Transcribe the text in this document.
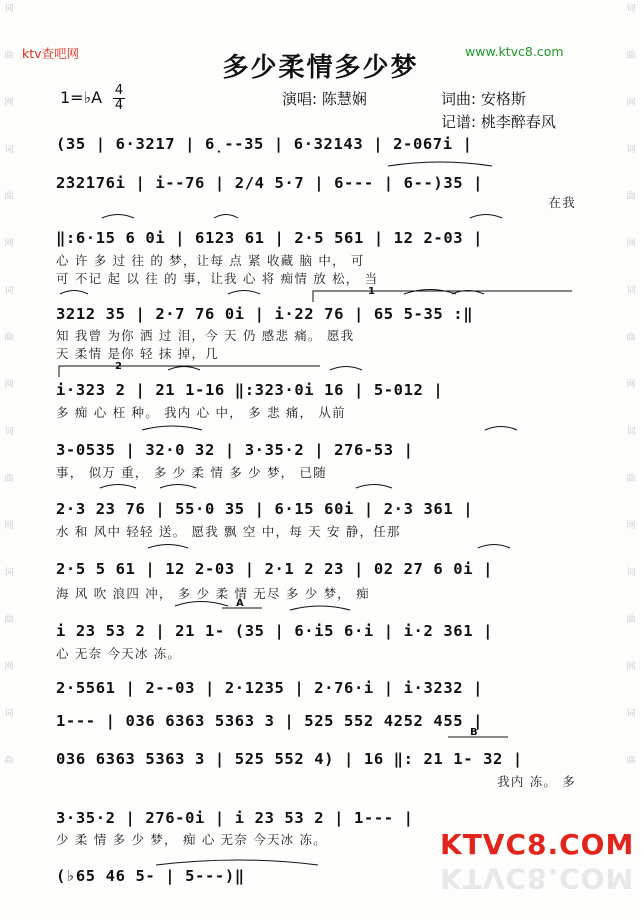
词
曲
网
词
曲
网
词
曲
网
词
曲
网
词
曲
网
词
曲
词
曲
网
词
曲
网
词
曲
网
词
曲
网
词
曲
网
词
曲
ktv查吧网	www.ktvc8.com
多少柔情多少梦
1=♭A 4
4	演唱: 陈慧娴	词曲: 安格斯
记谱: 桃李醉春风
(35 | 6·3217 | 6̣--35 | 6·32143 | 2-067i |
2̇32̇176i | i--76 | 2/4 5·7 | 6--- | 6--)35 |
在我
‖:6·15 6 0i | 6123 61 | 2·5 561 | 12 2-03 |
心 许 多 过 往 的 梦，让每 点 紧 收藏 脑 中， 可
可 不记 起 以 往 的 事，让我 心 将 痴情 放 松， 当
3212 35 | 2·7 76 0i | i·22 76 | 65 5-35 :‖
知 我曾 为你 洒 过 泪，今 天 仍 感悲 痛。 愿我
天 柔情 是你 轻 抹 掉，几
i·323 2 | 21 1-16 ‖:323·0i 16 | 5-012 |
多 痴 心 枉 种。 我内 心 中， 多 悲 痛， 从前
3-0535 | 32·0 32 | 3·35·2 | 276-53 |
事， 似万 重， 多 少 柔 情 多 少 梦， 已随
2·3 23 76 | 55·0 35 | 6·15 60i | 2·3 361 |
水 和 风中 轻轻 送。 愿我 飘 空 中，每 天 安 静，任那
2·5 5 61 | 12 2-03 | 2·1 2 23 | 02 27 6 0i |
海 风 吹 浪四 冲， 多 少 柔 情 无尽 多 少 梦， 痴
i 23 53 2 | 21 1- (35 | 6·i5 6·i | i·2 361 |
心 无奈 今天冰 冻。
2·5561 | 2--03 | 2·1235 | 2·76·i | i·3232 |
1--- | 036 6363 5363 3 | 525 552 4252 455 |
036 6363 5363 3 | 525 552 4) | 16 ‖: 21 1- 32 |
我内 冻。 多
3·35·2 | 276-0i | i 23 53 2 | 1--- |
少 柔 情 多 少 梦， 痴 心 无奈 今天冰 冻。
(♭65 46 5- | 5---)‖
1
2
A
B
KTVC8.COM
KTVC8.COM
